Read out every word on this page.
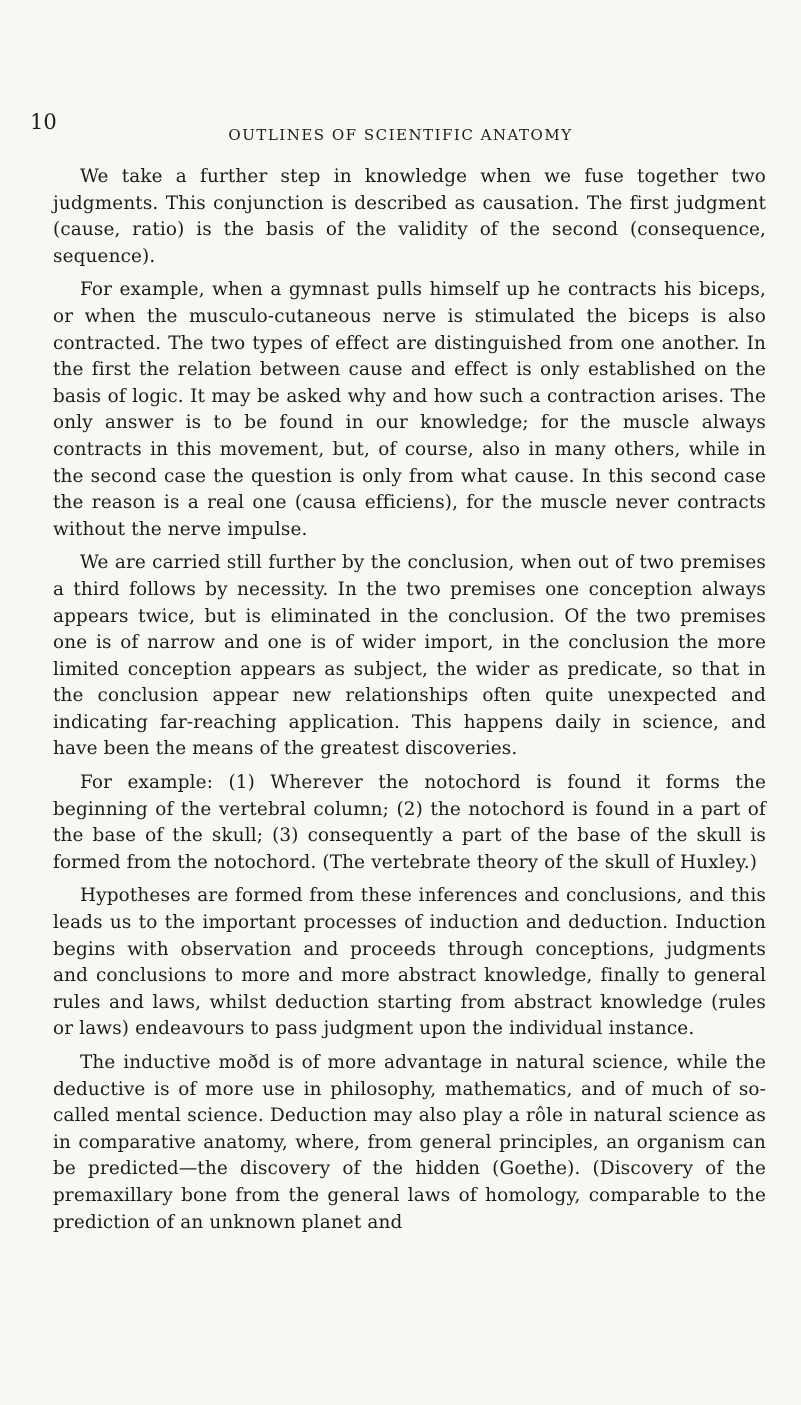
10
OUTLINES OF SCIENTIFIC ANATOMY

We take a further step in knowledge when we fuse together two judgments. This conjunction is described as causation. The first judgment (cause, ratio) is the basis of the validity of the second (consequence, sequence).

For example, when a gymnast pulls himself up he contracts his biceps, or when the musculo-cutaneous nerve is stimulated the biceps is also contracted. The two types of effect are distinguished from one another. In the first the relation between cause and effect is only established on the basis of logic. It may be asked why and how such a contraction arises. The only answer is to be found in our knowledge; for the muscle always contracts in this movement, but, of course, also in many others, while in the second case the question is only from what cause. In this second case the reason is a real one (causa efficiens), for the muscle never contracts without the nerve impulse.

We are carried still further by the conclusion, when out of two premises a third follows by necessity. In the two premises one conception always appears twice, but is eliminated in the conclusion. Of the two premises one is of narrow and one is of wider import, in the conclusion the more limited conception appears as subject, the wider as predicate, so that in the conclusion appear new relationships often quite unexpected and indicating far-reaching application. This happens daily in science, and have been the means of the greatest discoveries.

For example: (1) Wherever the notochord is found it forms the beginning of the vertebral column; (2) the notochord is found in a part of the base of the skull; (3) consequently a part of the base of the skull is formed from the notochord. (The vertebrate theory of the skull of Huxley.)

Hypotheses are formed from these inferences and conclusions, and this leads us to the important processes of induction and deduction. Induction begins with observation and proceeds through conceptions, judgments and conclusions to more and more abstract knowledge, finally to general rules and laws, whilst deduction starting from abstract knowledge (rules or laws) endeavours to pass judgment upon the individual instance.

The inductive moðd is of more advantage in natural science, while the deductive is of more use in philosophy, mathematics, and of much of so-called mental science. Deduction may also play a rôle in natural science as in comparative anatomy, where, from general principles, an organism can be predicted—the discovery of the hidden (Goethe). (Discovery of the premaxillary bone from the general laws of homology, comparable to the prediction of an unknown planet and
